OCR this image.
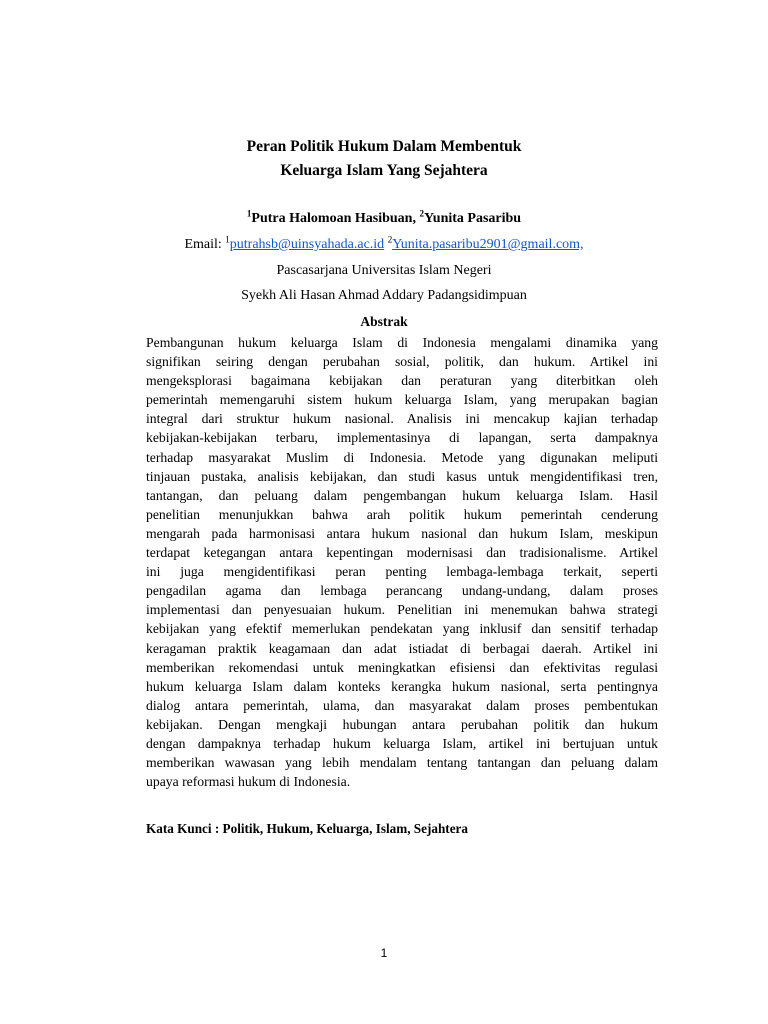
Peran Politik Hukum Dalam Membentuk
Keluarga Islam Yang Sejahtera
$^1$Putra Halomoan Hasibuan, $^2$Yunita Pasaribu
Email: $^1$putrahsb@uinsyahada.ac.id $^2$Yunita.pasaribu2901@gmail.com,
Pascasarjana Universitas Islam Negeri
Syekh Ali Hasan Ahmad Addary Padangsidimpuan
Abstrak
Pembangunan hukum keluarga Islam di Indonesia mengalami dinamika yang
signifikan seiring dengan perubahan sosial, politik, dan hukum. Artikel ini
mengeksplorasi bagaimana kebijakan dan peraturan yang diterbitkan oleh
pemerintah memengaruhi sistem hukum keluarga Islam, yang merupakan bagian
integral dari struktur hukum nasional. Analisis ini mencakup kajian terhadap
kebijakan-kebijakan terbaru, implementasinya di lapangan, serta dampaknya
terhadap masyarakat Muslim di Indonesia. Metode yang digunakan meliputi
tinjauan pustaka, analisis kebijakan, dan studi kasus untuk mengidentifikasi tren,
tantangan, dan peluang dalam pengembangan hukum keluarga Islam. Hasil
penelitian menunjukkan bahwa arah politik hukum pemerintah cenderung
mengarah pada harmonisasi antara hukum nasional dan hukum Islam, meskipun
terdapat ketegangan antara kepentingan modernisasi dan tradisionalisme. Artikel
ini juga mengidentifikasi peran penting lembaga-lembaga terkait, seperti
pengadilan agama dan lembaga perancang undang-undang, dalam proses
implementasi dan penyesuaian hukum. Penelitian ini menemukan bahwa strategi
kebijakan yang efektif memerlukan pendekatan yang inklusif dan sensitif terhadap
keragaman praktik keagamaan dan adat istiadat di berbagai daerah. Artikel ini
memberikan rekomendasi untuk meningkatkan efisiensi dan efektivitas regulasi
hukum keluarga Islam dalam konteks kerangka hukum nasional, serta pentingnya
dialog antara pemerintah, ulama, dan masyarakat dalam proses pembentukan
kebijakan. Dengan mengkaji hubungan antara perubahan politik dan hukum
dengan dampaknya terhadap hukum keluarga Islam, artikel ini bertujuan untuk
memberikan wawasan yang lebih mendalam tentang tantangan dan peluang dalam
upaya reformasi hukum di Indonesia.
Kata Kunci : Politik, Hukum, Keluarga, Islam, Sejahtera
1
